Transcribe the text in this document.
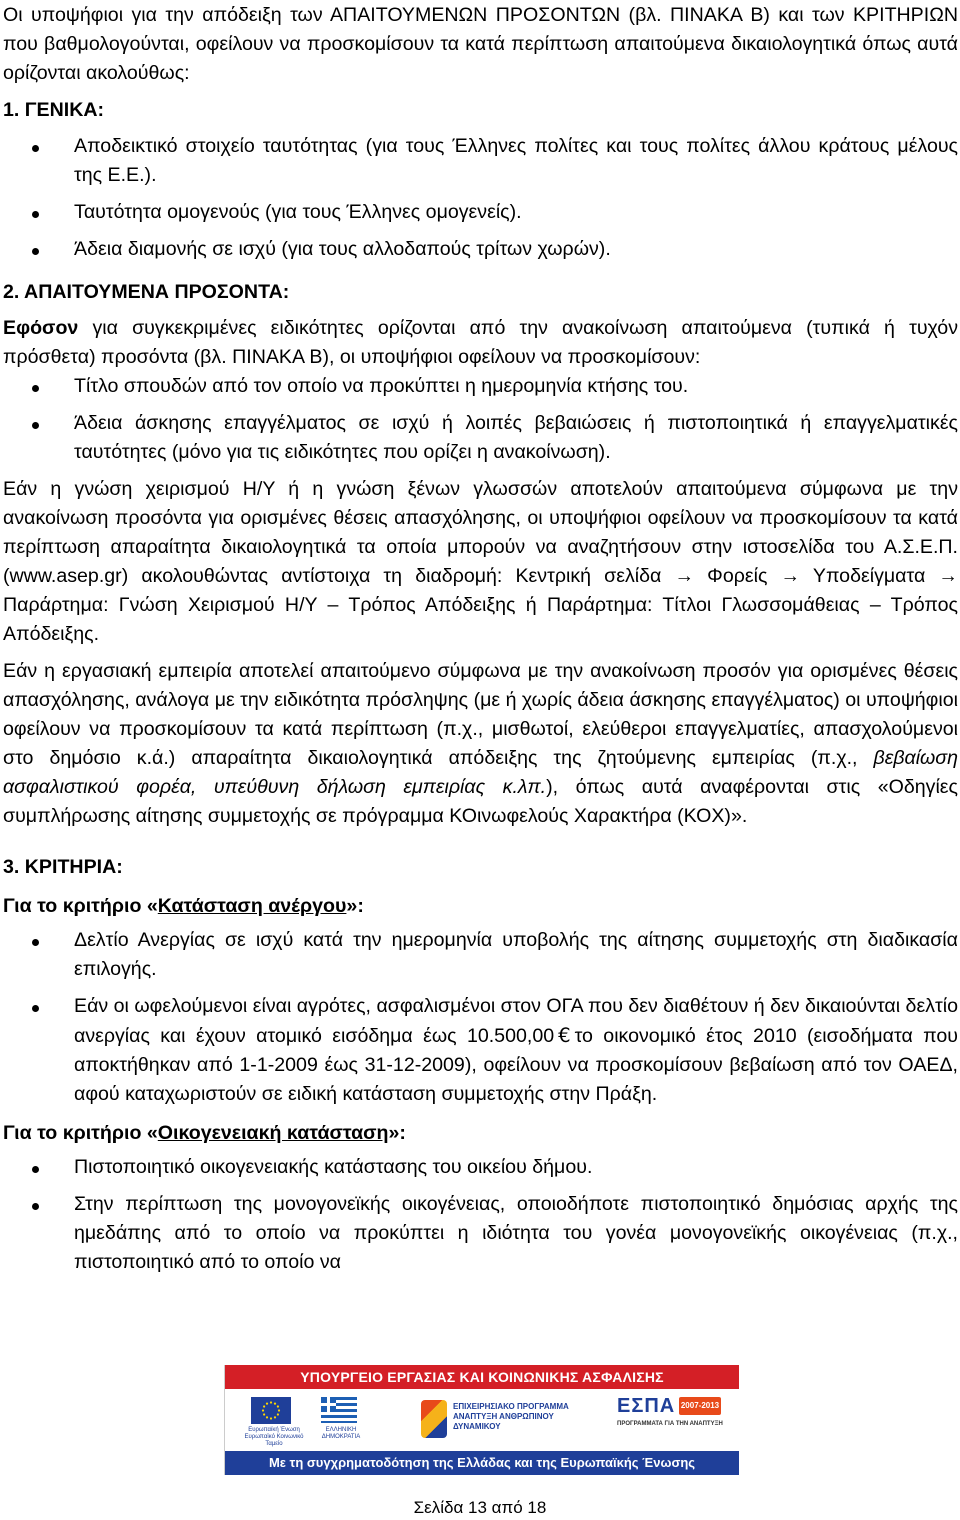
Οι υποψήφιοι για την απόδειξη των ΑΠΑΙΤΟΥΜΕΝΩΝ ΠΡΟΣΟΝΤΩΝ (βλ. ΠΙΝΑΚΑ Β) και των ΚΡΙΤΗΡΙΩΝ που βαθμολογούνται, οφείλουν να προσκομίσουν τα κατά περίπτωση απαιτούμενα δικαιολογητικά όπως αυτά ορίζονται ακολούθως:

1. ΓΕΝΙΚΑ:
Αποδεικτικό στοιχείο ταυτότητας (για τους Έλληνες πολίτες και τους πολίτες άλλου κράτους μέλους της Ε.Ε.).
Ταυτότητα ομογενούς (για τους Έλληνες ομογενείς).
Άδεια διαμονής σε ισχύ (για τους αλλοδαπούς τρίτων χωρών).
2. ΑΠΑΙΤΟΥΜΕΝΑ ΠΡΟΣΟΝΤΑ:

Εφόσον για συγκεκριμένες ειδικότητες ορίζονται από την ανακοίνωση απαιτούμενα (τυπικά ή τυχόν πρόσθετα) προσόντα (βλ. ΠΙΝΑΚΑ Β), οι υποψήφιοι οφείλουν να προσκομίσουν:

Τίτλο σπουδών από τον οποίο να προκύπτει η ημερομηνία κτήσης του.
Άδεια άσκησης επαγγέλματος σε ισχύ ή λοιπές βεβαιώσεις ή πιστοποιητικά ή επαγγελματικές ταυτότητες (μόνο για τις ειδικότητες που ορίζει η ανακοίνωση).

Εάν η γνώση χειρισμού Η/Υ ή η γνώση ξένων γλωσσών αποτελούν απαιτούμενα σύμφωνα με την ανακοίνωση προσόντα για ορισμένες θέσεις απασχόλησης, οι υποψήφιοι οφείλουν να προσκομίσουν τα κατά περίπτωση απαραίτητα δικαιολογητικά τα οποία μπορούν να αναζητήσουν στην ιστοσελίδα του Α.Σ.Ε.Π. (www.asep.gr) ακολουθώντας αντίστοιχα τη διαδρομή: Κεντρική σελίδα → Φορείς → Υποδείγματα → Παράρτημα: Γνώση Χειρισμού Η/Υ – Τρόπος Απόδειξης ή Παράρτημα: Τίτλοι Γλωσσομάθειας – Τρόπος Απόδειξης.

Εάν η εργασιακή εμπειρία αποτελεί απαιτούμενο σύμφωνα με την ανακοίνωση προσόν για ορισμένες θέσεις απασχόλησης, ανάλογα με την ειδικότητα πρόσληψης (με ή χωρίς άδεια άσκησης επαγγέλματος) οι υποψήφιοι οφείλουν να προσκομίσουν τα κατά περίπτωση (π.χ., μισθωτοί, ελεύθεροι επαγγελματίες, απασχολούμενοι στο δημόσιο κ.ά.) απαραίτητα δικαιολογητικά απόδειξης της ζητούμενης εμπειρίας (π.χ., βεβαίωση ασφαλιστικού φορέα, υπεύθυνη δήλωση εμπειρίας κ.λπ.), όπως αυτά αναφέρονται στις «Οδηγίες συμπλήρωσης αίτησης συμμετοχής σε πρόγραμμα ΚΟινωφελούς Χαρακτήρα (ΚΟΧ)».

3. ΚΡΙΤΗΡΙΑ:
Για το κριτήριο «Κατάσταση ανέργου»:
Δελτίο Ανεργίας σε ισχύ κατά την ημερομηνία υποβολής της αίτησης συμμετοχής στη διαδικασία επιλογής.
Εάν οι ωφελούμενοι είναι αγρότες, ασφαλισμένοι στον ΟΓΑ που δεν διαθέτουν ή δεν δικαιούνται δελτίο ανεργίας και έχουν ατομικό εισόδημα έως 10.500,00 € το οικονομικό έτος 2010 (εισοδήματα που αποκτήθηκαν από 1-1-2009 έως 31-12-2009), οφείλουν να προσκομίσουν βεβαίωση από τον ΟΑΕΔ, αφού καταχωριστούν σε ειδική κατάσταση συμμετοχής στην Πράξη.
Για το κριτήριο «Οικογενειακή κατάσταση»:
Πιστοποιητικό οικογενειακής κατάστασης του οικείου δήμου.
Στην περίπτωση της μονογονεϊκής οικογένειας, οποιοδήποτε πιστοποιητικό δημόσιας αρχής της ημεδάπης από το οποίο να προκύπτει η ιδιότητα του γονέα μονογονεϊκής οικογένειας (π.χ., πιστοποιητικό από το οποίο να
ΥΠΟΥΡΓΕΙΟ ΕΡΓΑΣΙΑΣ ΚΑΙ ΚΟΙΝΩΝΙΚΗΣ ΑΣΦΑΛΙΣΗΣ
Ευρωπαϊκή Ένωση Ευρωπαϊκό Κοινωνικό Ταμείο
ΕΛΛΗΝΙΚΗ ΔΗΜΟΚΡΑΤΙΑ
ΕΠΙΧΕΙΡΗΣΙΑΚΟ ΠΡΟΓΡΑΜΜΑ
ΑΝΑΠΤΥΞΗ ΑΝΘΡΩΠΙΝΟΥ ΔΥΝΑΜΙΚΟΥ
ΕΣΠΑ 2007-2013
ΠΡΟΓΡΑΜΜΑΤΑ ΓΙΑ ΤΗΝ ΑΝΑΠΤΥΞΗ
Με τη συγχρηματοδότηση της Ελλάδας και της Ευρωπαϊκής Ένωσης
Σελίδα 13 από 18
